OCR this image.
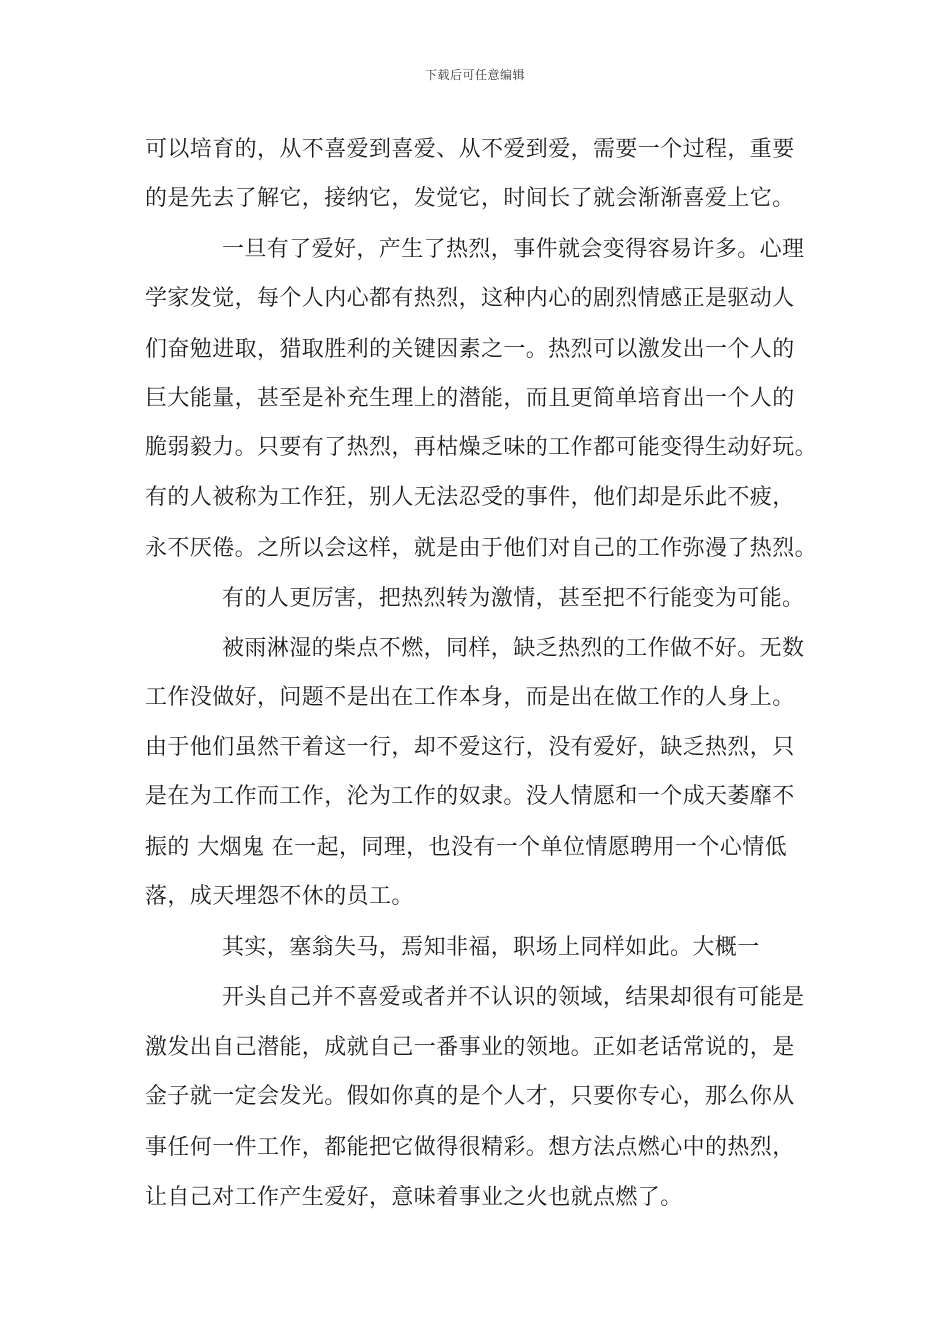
下载后可任意编辑
可以培育的，从不喜爱到喜爱、从不爱到爱，需要一个过程，重要
的是先去了解它，接纳它，发觉它，时间长了就会渐渐喜爱上它。
一旦有了爱好，产生了热烈，事件就会变得容易许多。心理
学家发觉，每个人内心都有热烈，这种内心的剧烈情感正是驱动人
们奋勉进取，猎取胜利的关键因素之一。热烈可以激发出一个人的
巨大能量，甚至是补充生理上的潜能，而且更简单培育出一个人的
脆弱毅力。只要有了热烈，再枯燥乏味的工作都可能变得生动好玩。
有的人被称为工作狂，别人无法忍受的事件，他们却是乐此不疲，
永不厌倦。之所以会这样，就是由于他们对自己的工作弥漫了热烈。
有的人更厉害，把热烈转为激情，甚至把不行能变为可能。
被雨淋湿的柴点不燃，同样，缺乏热烈的工作做不好。无数
工作没做好，问题不是出在工作本身，而是出在做工作的人身上。
由于他们虽然干着这一行，却不爱这行，没有爱好，缺乏热烈，只
是在为工作而工作，沦为工作的奴隶。没人情愿和一个成天萎靡不
振的 大烟鬼 在一起，同理，也没有一个单位情愿聘用一个心情低
落，成天埋怨不休的员工。
其实，塞翁失马，焉知非福，职场上同样如此。大概一
开头自己并不喜爱或者并不认识的领域，结果却很有可能是
激发出自己潜能，成就自己一番事业的领地。正如老话常说的，是
金子就一定会发光。假如你真的是个人才，只要你专心，那么你从
事任何一件工作，都能把它做得很精彩。想方法点燃心中的热烈，
让自己对工作产生爱好，意味着事业之火也就点燃了。
